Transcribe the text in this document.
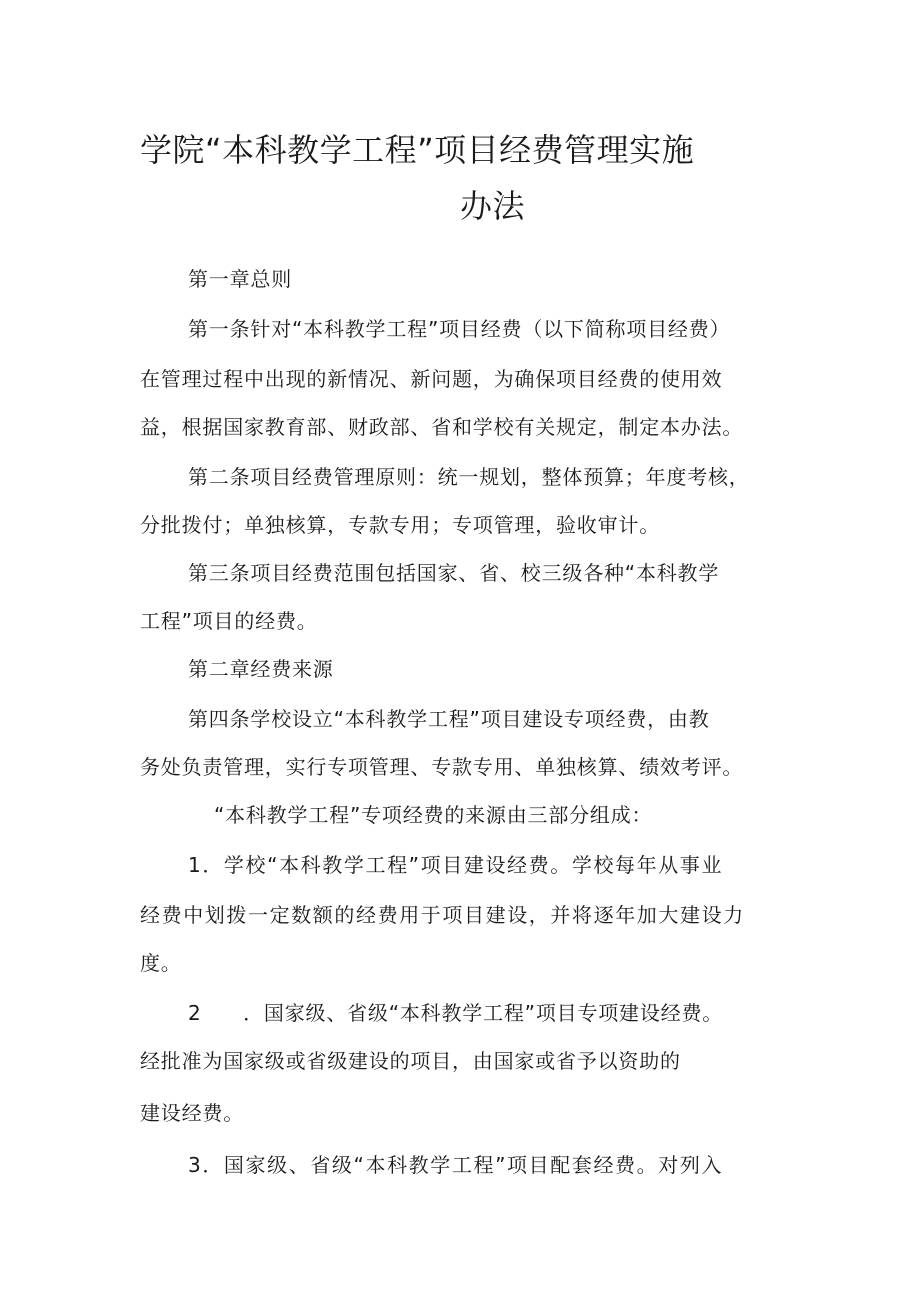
学院“本科教学工程”项目经费管理实施
办法

第一章总则

第一条针对“本科教学工程”项目经费（以下简称项目经费）

在管理过程中出现的新情况、新问题，为确保项目经费的使用效

益，根据国家教育部、财政部、省和学校有关规定，制定本办法。

第二条项目经费管理原则：统一规划，整体预算；年度考核，

分批拨付；单独核算，专款专用；专项管理，验收审计。

第三条项目经费范围包括国家、省、校三级各种“本科教学

工程”项目的经费。

第二章经费来源

第四条学校设立“本科教学工程”项目建设专项经费，由教

务处负责管理，实行专项管理、专款专用、单独核算、绩效考评。

“本科教学工程”专项经费的来源由三部分组成：

1．学校“本科教学工程”项目建设经费。学校每年从事业

经费中划拨一定数额的经费用于项目建设，并将逐年加大建设力

度。

2　　．国家级、省级“本科教学工程”项目专项建设经费。

经批准为国家级或省级建设的项目，由国家或省予以资助的

建设经费。

3．国家级、省级“本科教学工程”项目配套经费。对列入
